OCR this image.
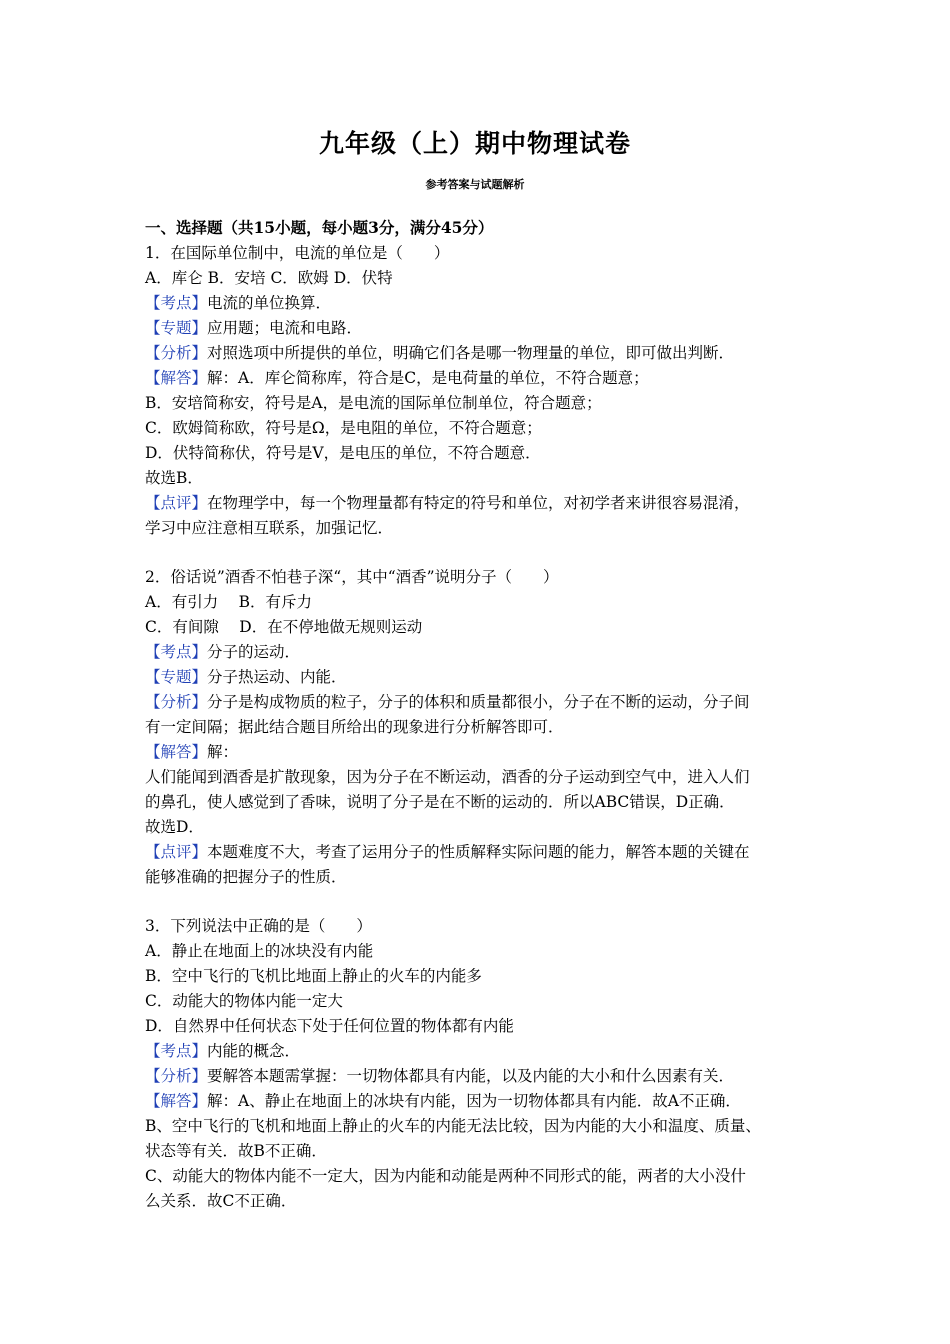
九年级（上）期中物理试卷
参考答案与试题解析
一、选择题（共15小题，每小题3分，满分45分）
1．在国际单位制中，电流的单位是（　　）
A．库仑 B．安培 C．欧姆 D．伏特
【考点】电流的单位换算．
【专题】应用题；电流和电路．
【分析】对照选项中所提供的单位，明确它们各是哪一物理量的单位，即可做出判断．
【解答】解：A．库仑简称库，符合是C，是电荷量的单位，不符合题意；
B．安培简称安，符号是A，是电流的国际单位制单位，符合题意；
C．欧姆简称欧，符号是Ω，是电阻的单位，不符合题意；
D．伏特简称伏，符号是V，是电压的单位，不符合题意．
故选B．
【点评】在物理学中，每一个物理量都有特定的符号和单位，对初学者来讲很容易混淆，
学习中应注意相互联系，加强记忆．
2．俗话说”酒香不怕巷子深“，其中“酒香”说明分子（　　）
A．有引力　 B．有斥力
C．有间隙　 D．在不停地做无规则运动
【考点】分子的运动．
【专题】分子热运动、内能．
【分析】分子是构成物质的粒子，分子的体积和质量都很小，分子在不断的运动，分子间
有一定间隔；据此结合题目所给出的现象进行分析解答即可．
【解答】解：
人们能闻到酒香是扩散现象，因为分子在不断运动，酒香的分子运动到空气中，进入人们
的鼻孔，使人感觉到了香味，说明了分子是在不断的运动的．所以ABC错误，D正确．
故选D．
【点评】本题难度不大，考查了运用分子的性质解释实际问题的能力，解答本题的关键在
能够准确的把握分子的性质．
3．下列说法中正确的是（　　）
A．静止在地面上的冰块没有内能
B．空中飞行的飞机比地面上静止的火车的内能多
C．动能大的物体内能一定大
D．自然界中任何状态下处于任何位置的物体都有内能
【考点】内能的概念．
【分析】要解答本题需掌握：一切物体都具有内能，以及内能的大小和什么因素有关．
【解答】解：A、静止在地面上的冰块有内能，因为一切物体都具有内能．故A不正确．
B、空中飞行的飞机和地面上静止的火车的内能无法比较，因为内能的大小和温度、质量、
状态等有关．故B不正确．
C、动能大的物体内能不一定大，因为内能和动能是两种不同形式的能，两者的大小没什
么关系．故C不正确．
